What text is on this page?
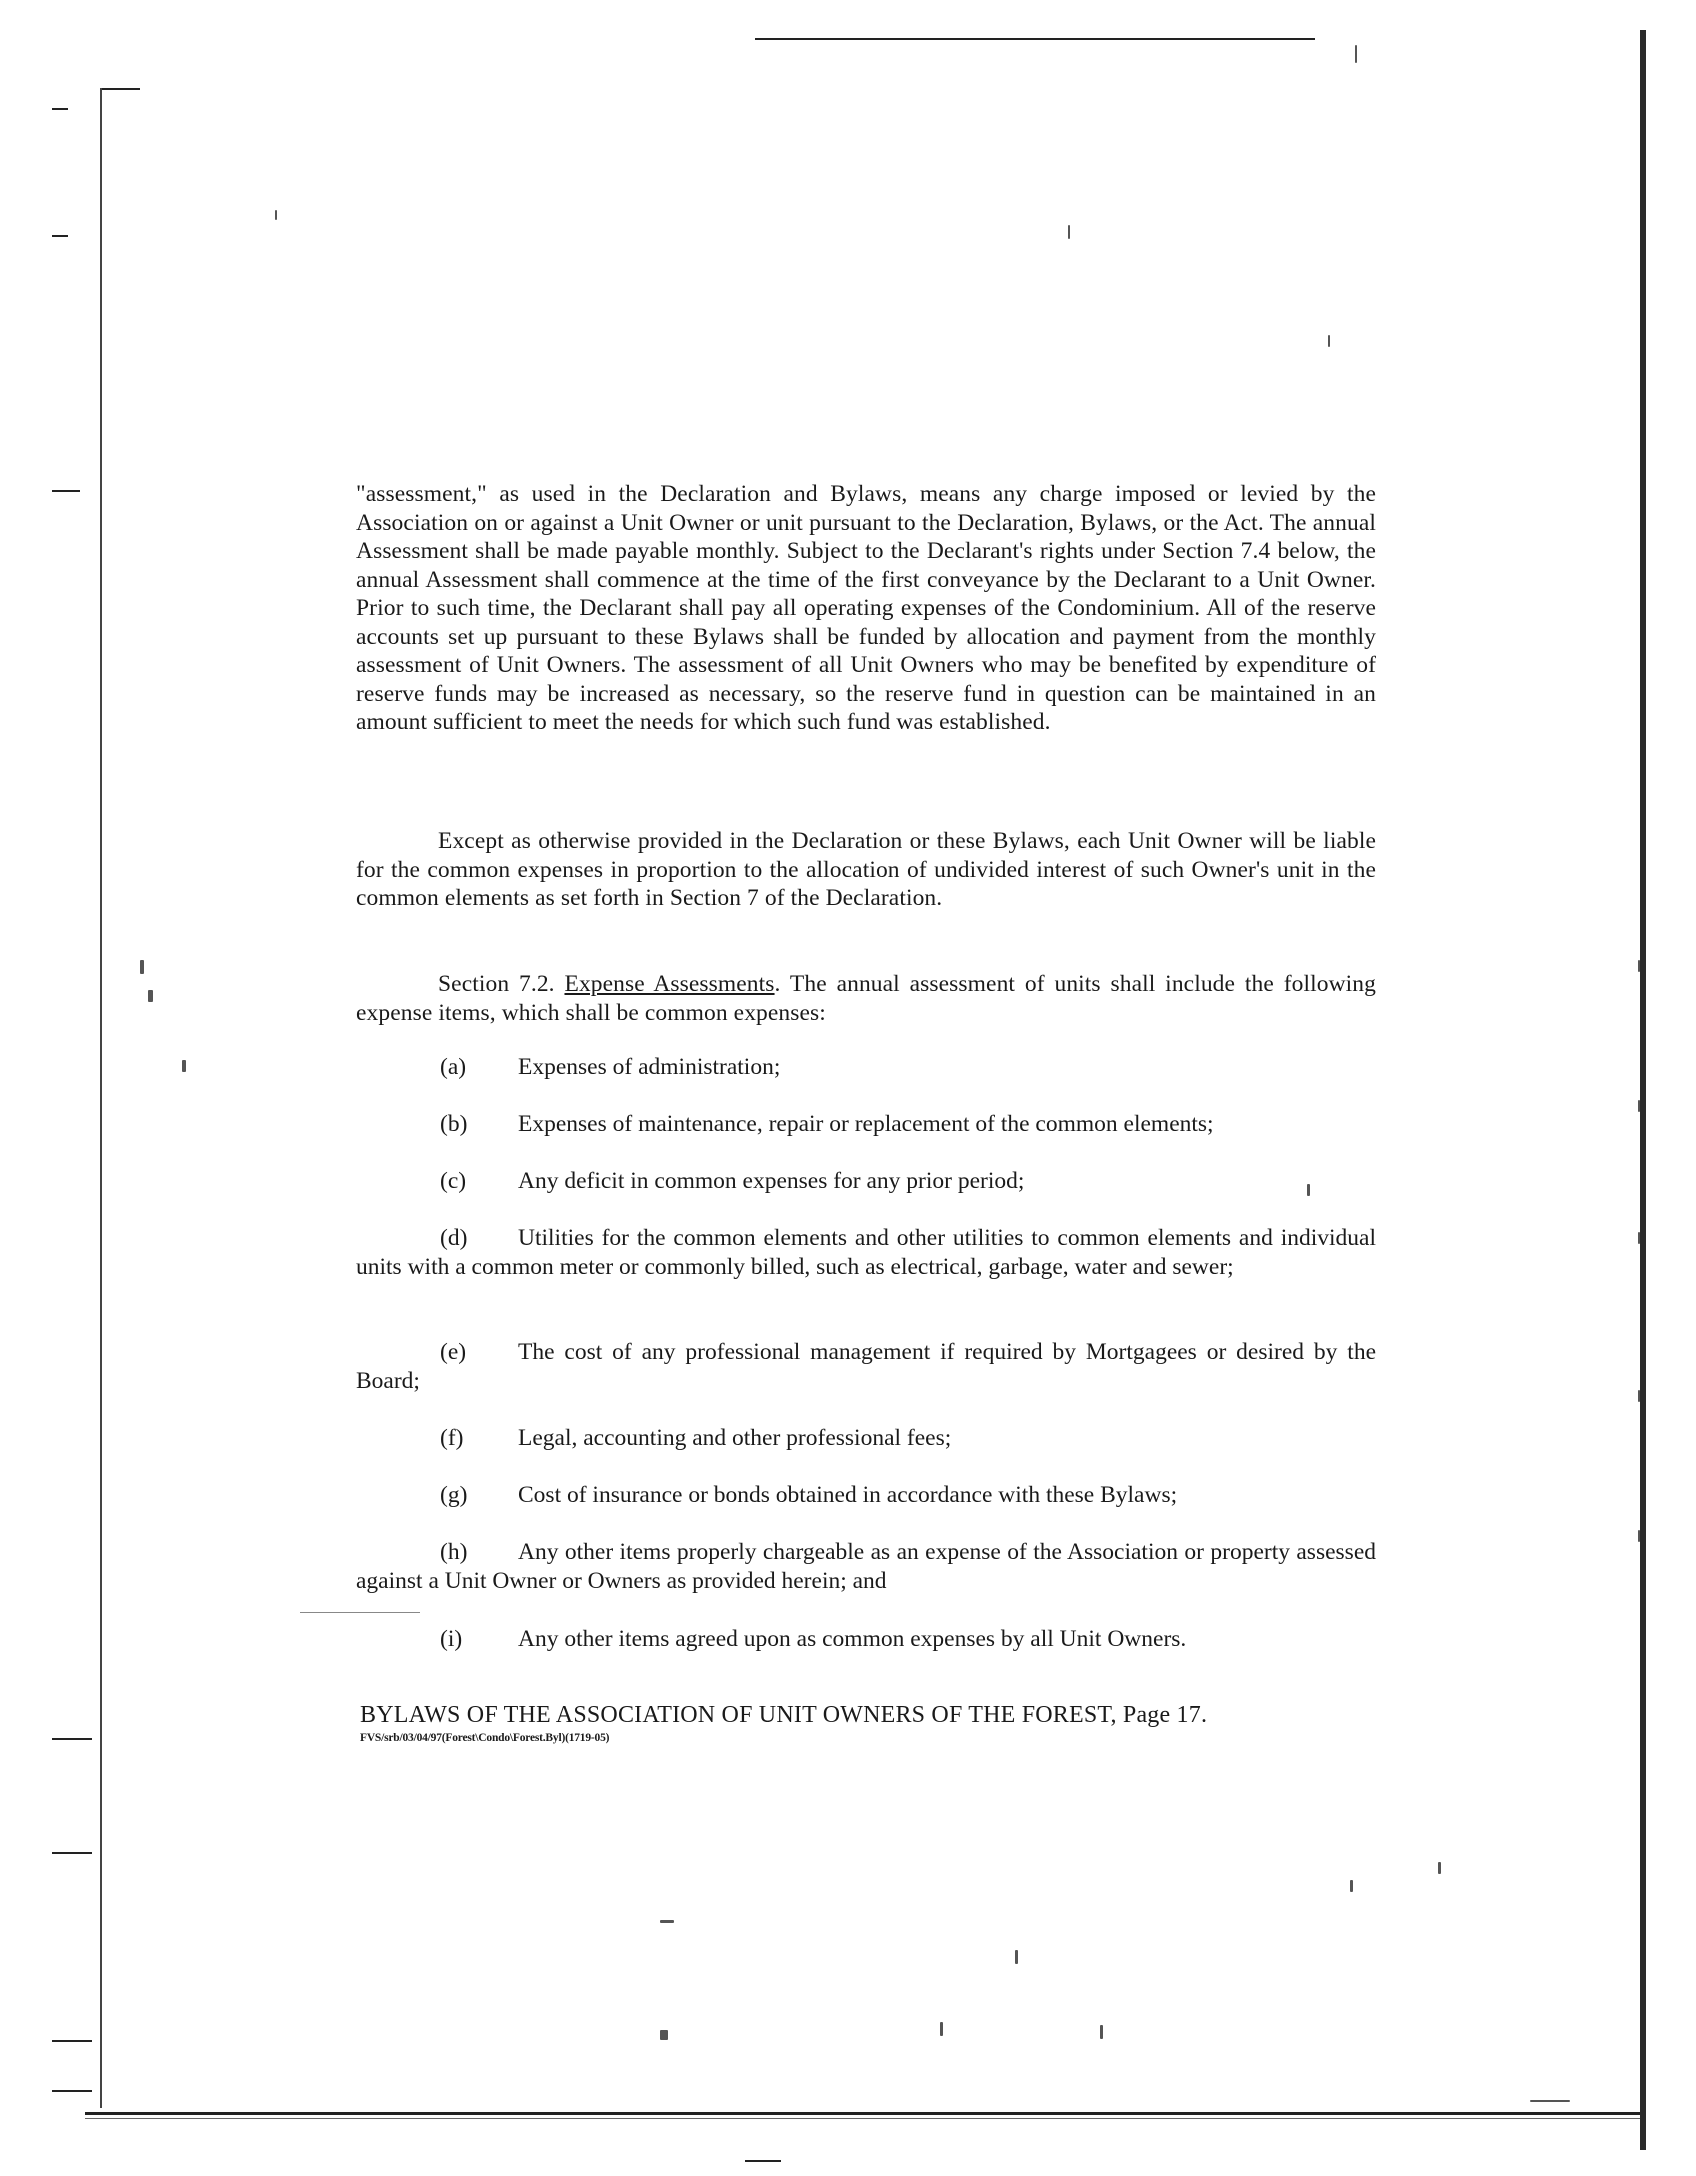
"assessment," as used in the Declaration and Bylaws, means any charge imposed or levied by the Association on or against a Unit Owner or unit pursuant to the Declaration, Bylaws, or the Act. The annual Assessment shall be made payable monthly. Subject to the Declarant's rights under Section 7.4 below, the annual Assessment shall commence at the time of the first conveyance by the Declarant to a Unit Owner. Prior to such time, the Declarant shall pay all operating expenses of the Condominium. All of the reserve accounts set up pursuant to these Bylaws shall be funded by allocation and payment from the monthly assessment of Unit Owners. The assessment of all Unit Owners who may be benefited by expenditure of reserve funds may be increased as necessary, so the reserve fund in question can be maintained in an amount sufficient to meet the needs for which such fund was established.

Except as otherwise provided in the Declaration or these Bylaws, each Unit Owner will be liable for the common expenses in proportion to the allocation of undivided interest of such Owner's unit in the common elements as set forth in Section 7 of the Declaration.

Section 7.2. Expense Assessments. The annual assessment of units shall include the following expense items, which shall be common expenses:

(a) Expenses of administration;
(b) Expenses of maintenance, repair or replacement of the common elements;
(c) Any deficit in common expenses for any prior period;
(d) Utilities for the common elements and other utilities to common elements and individual units with a common meter or commonly billed, such as electrical, garbage, water and sewer;
(e) The cost of any professional management if required by Mortgagees or desired by the Board;
(f) Legal, accounting and other professional fees;
(g) Cost of insurance or bonds obtained in accordance with these Bylaws;
(h) Any other items properly chargeable as an expense of the Association or property assessed against a Unit Owner or Owners as provided herein; and
(i) Any other items agreed upon as common expenses by all Unit Owners.
BYLAWS OF THE ASSOCIATION OF UNIT OWNERS OF THE FOREST, Page 17.
FVS/srb/03/04/97(Forest\Condo\Forest.Byl)(1719-05)
